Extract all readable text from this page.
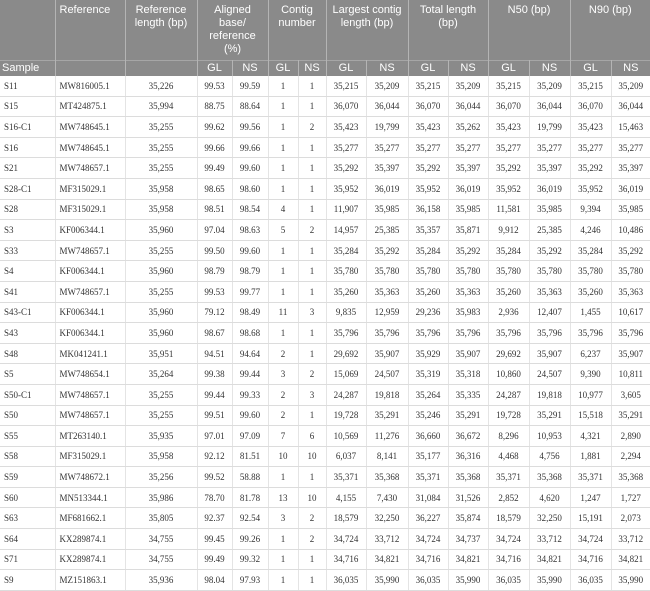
	Reference	Reference length (bp)	Aligned base/ reference (%)		Contig number		Largest contig length (bp)		Total length (bp)		N50 (bp)		N90 (bp)	
Sample			GL	NS	GL	NS	GL	NS	GL	NS	GL	NS	GL	NS
S11	MW816005.1	35,226	99.53	99.59	1	1	35,215	35,209	35,215	35,209	35,215	35,209	35,215	35,209
S15	MT424875.1	35,994	88.75	88.64	1	1	36,070	36,044	36,070	36,044	36,070	36,044	36,070	36,044
S16-C1	MW748645.1	35,255	99.62	99.56	1	2	35,423	19,799	35,423	35,262	35,423	19,799	35,423	15,463
S16	MW748645.1	35,255	99.66	99.66	1	1	35,277	35,277	35,277	35,277	35,277	35,277	35,277	35,277
S21	MW748657.1	35,255	99.49	99.60	1	1	35,292	35,397	35,292	35,397	35,292	35,397	35,292	35,397
S28-C1	MF315029.1	35,958	98.65	98.60	1	1	35,952	36,019	35,952	36,019	35,952	36,019	35,952	36,019
S28	MF315029.1	35,958	98.51	98.54	4	1	11,907	35,985	36,158	35,985	11,581	35,985	9,394	35,985
S3	KF006344.1	35,960	97.04	98.63	5	2	14,957	25,385	35,357	35,871	9,912	25,385	4,246	10,486
S33	MW748657.1	35,255	99.50	99.60	1	1	35,284	35,292	35,284	35,292	35,284	35,292	35,284	35,292
S4	KF006344.1	35,960	98.79	98.79	1	1	35,780	35,780	35,780	35,780	35,780	35,780	35,780	35,780
S41	MW748657.1	35,255	99.53	99.77	1	1	35,260	35,363	35,260	35,363	35,260	35,363	35,260	35,363
S43-C1	KF006344.1	35,960	79.12	98.49	11	3	9,835	12,959	29,236	35,983	2,936	12,407	1,455	10,617
S43	KF006344.1	35,960	98.67	98.68	1	1	35,796	35,796	35,796	35,796	35,796	35,796	35,796	35,796
S48	MK041241.1	35,951	94.51	94.64	2	1	29,692	35,907	35,929	35,907	29,692	35,907	6,237	35,907
S5	MW748654.1	35,264	99.38	99.44	3	2	15,069	24,507	35,319	35,318	10,860	24,507	9,390	10,811
S50-C1	MW748657.1	35,255	99.44	99.33	2	3	24,287	19,818	35,264	35,335	24,287	19,818	10,977	3,605
S50	MW748657.1	35,255	99.51	99.60	2	1	19,728	35,291	35,246	35,291	19,728	35,291	15,518	35,291
S55	MT263140.1	35,935	97.01	97.09	7	6	10,569	11,276	36,660	36,672	8,296	10,953	4,321	2,890
S58	MF315029.1	35,958	92.12	81.51	10	10	6,037	8,141	35,177	36,316	4,468	4,756	1,881	2,294
S59	MW748672.1	35,256	99.52	58.88	1	1	35,371	35,368	35,371	35,368	35,371	35,368	35,371	35,368
S60	MN513344.1	35,986	78.70	81.78	13	10	4,155	7,430	31,084	31,526	2,852	4,620	1,247	1,727
S63	MF681662.1	35,805	92.37	92.54	3	2	18,579	32,250	36,227	35,874	18,579	32,250	15,191	2,073
S64	KX289874.1	34,755	99.45	99.26	1	2	34,724	33,712	34,724	34,737	34,724	33,712	34,724	33,712
S71	KX289874.1	34,755	99.49	99.32	1	1	34,716	34,821	34,716	34,821	34,716	34,821	34,716	34,821
S9	MZ151863.1	35,936	98.04	97.93	1	1	36,035	35,990	36,035	35,990	36,035	35,990	36,035	35,990
